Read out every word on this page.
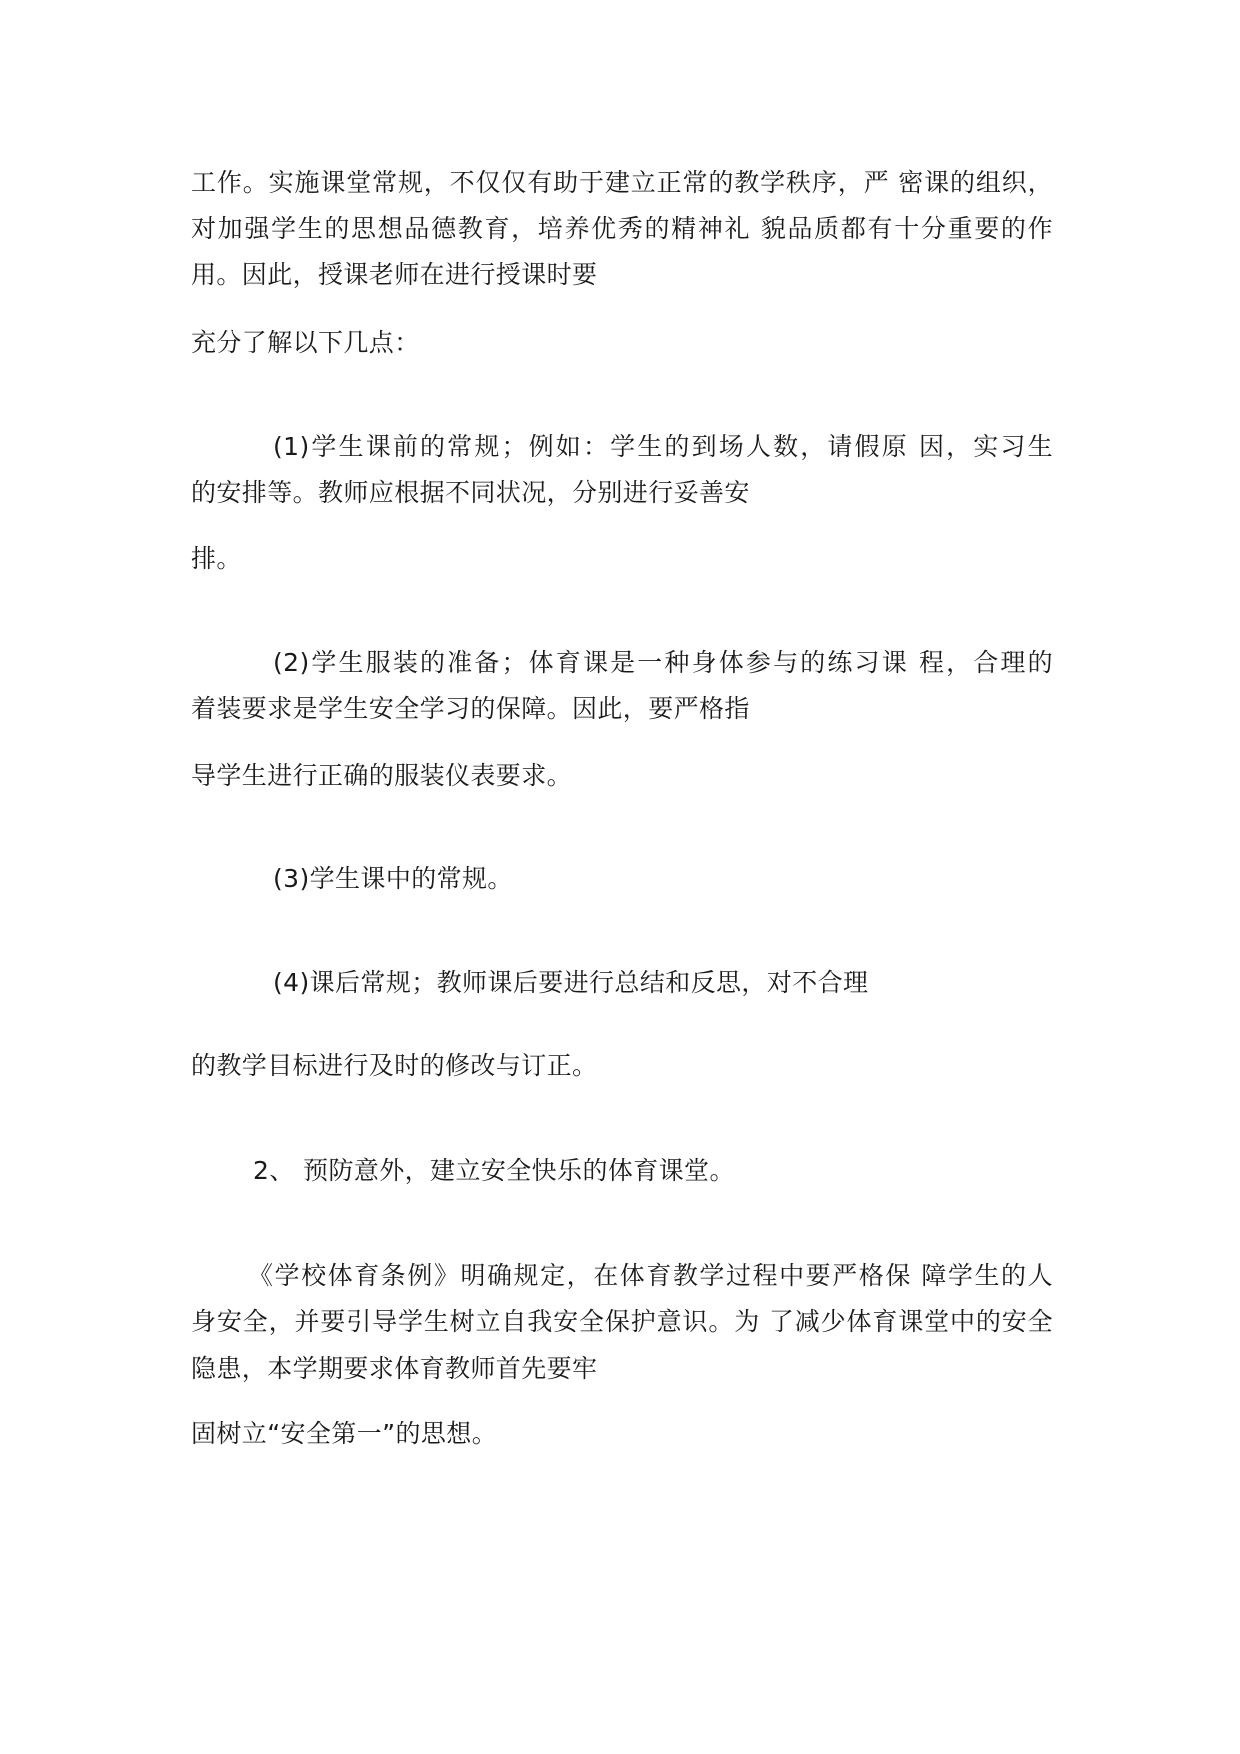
工作。实施课堂常规，不仅仅有助于建立正常的教学秩序，严 密课的组织，
对加强学生的思想品德教育，培养优秀的精神礼 貌品质都有十分重要的作
用。因此，授课老师在进行授课时要
充分了解以下几点：
(1)学生课前的常规；例如：学生的到场人数，请假原 因，实习生
的安排等。教师应根据不同状况，分别进行妥善安
排。
(2)学生服装的准备；体育课是一种身体参与的练习课 程，合理的
着装要求是学生安全学习的保障。因此，要严格指
导学生进行正确的服装仪表要求。
(3)学生课中的常规。
(4)课后常规；教师课后要进行总结和反思，对不合理
的教学目标进行及时的修改与订正。
2、 预防意外，建立安全快乐的体育课堂。
《学校体育条例》明确规定，在体育教学过程中要严格保 障学生的人
身安全，并要引导学生树立自我安全保护意识。为 了减少体育课堂中的安全
隐患，本学期要求体育教师首先要牢
固树立“安全第一”的思想。
